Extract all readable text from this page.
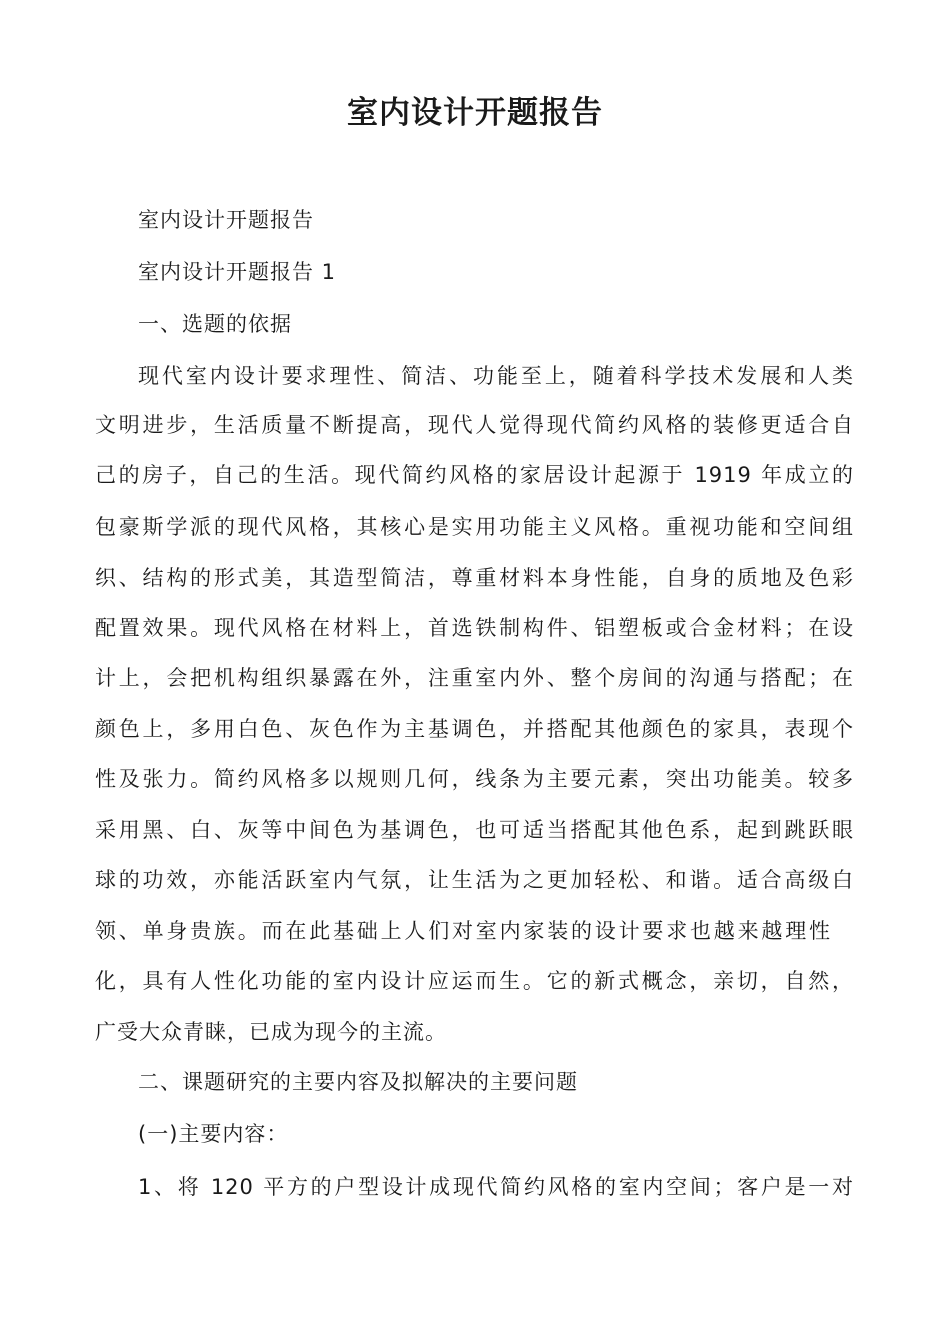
室内设计开题报告
室内设计开题报告
室内设计开题报告 1
一、选题的依据
现代室内设计要求理性、简洁、功能至上，随着科学技术发展和人类
文明进步，生活质量不断提高，现代人觉得现代简约风格的装修更适合自
己的房子，自己的生活。现代简约风格的家居设计起源于 1919 年成立的
包豪斯学派的现代风格，其核心是实用功能主义风格。重视功能和空间组
织、结构的形式美，其造型简洁，尊重材料本身性能，自身的质地及色彩
配置效果。现代风格在材料上，首选铁制构件、铝塑板或合金材料；在设
计上，会把机构组织暴露在外，注重室内外、整个房间的沟通与搭配；在
颜色上，多用白色、灰色作为主基调色，并搭配其他颜色的家具，表现个
性及张力。简约风格多以规则几何，线条为主要元素，突出功能美。较多
采用黑、白、灰等中间色为基调色，也可适当搭配其他色系，起到跳跃眼
球的功效，亦能活跃室内气氛，让生活为之更加轻松、和谐。适合高级白
领、单身贵族。而在此基础上人们对室内家装的设计要求也越来越理性
化，具有人性化功能的室内设计应运而生。它的新式概念，亲切，自然，
广受大众青睐，已成为现今的主流。
二、课题研究的主要内容及拟解决的主要问题
(一)主要内容：
1、将 120 平方的户型设计成现代简约风格的室内空间；客户是一对
